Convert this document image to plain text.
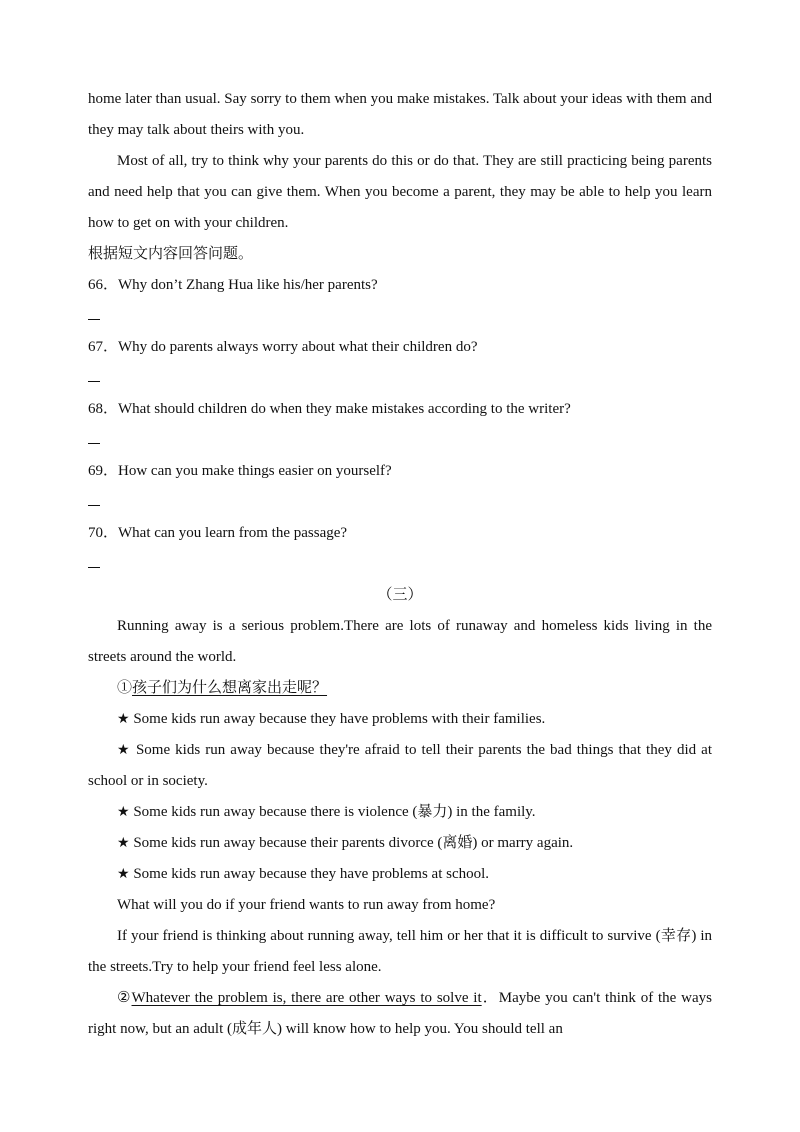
home later than usual. Say sorry to them when you make mistakes. Talk about your ideas with them and they may talk about theirs with you.

Most of all, try to think why your parents do this or do that. They are still practicing being parents and need help that you can give them. When you become a parent, they may be able to help you learn how to get on with your children.

根据短文内容回答问题。

66．Why don’t Zhang Hua like his/her parents?

67．Why do parents always worry about what their children do?

68．What should children do when they make mistakes according to the writer?

69．How can you make things easier on yourself?

70．What can you learn from the passage?

（三）

Running away is a serious problem.There are lots of runaway and homeless kids living in the streets around the world.

①孩子们为什么想离家出走呢？

★ Some kids run away because they have problems with their families.

★ Some kids run away because they're afraid to tell their parents the bad things that they did at school or in society.

★ Some kids run away because there is violence (暴力) in the family.

★ Some kids run away because their parents divorce (离婚) or marry again.

★ Some kids run away because they have problems at school.

What will you do if your friend wants to run away from home?

If your friend is thinking about running away, tell him or her that it is difficult to survive (幸存) in the streets.Try to help your friend feel less alone.

②Whatever the problem is, there are other ways to solve it．Maybe you can't think of the ways right now, but an adult (成年人) will know how to help you. You should tell an
